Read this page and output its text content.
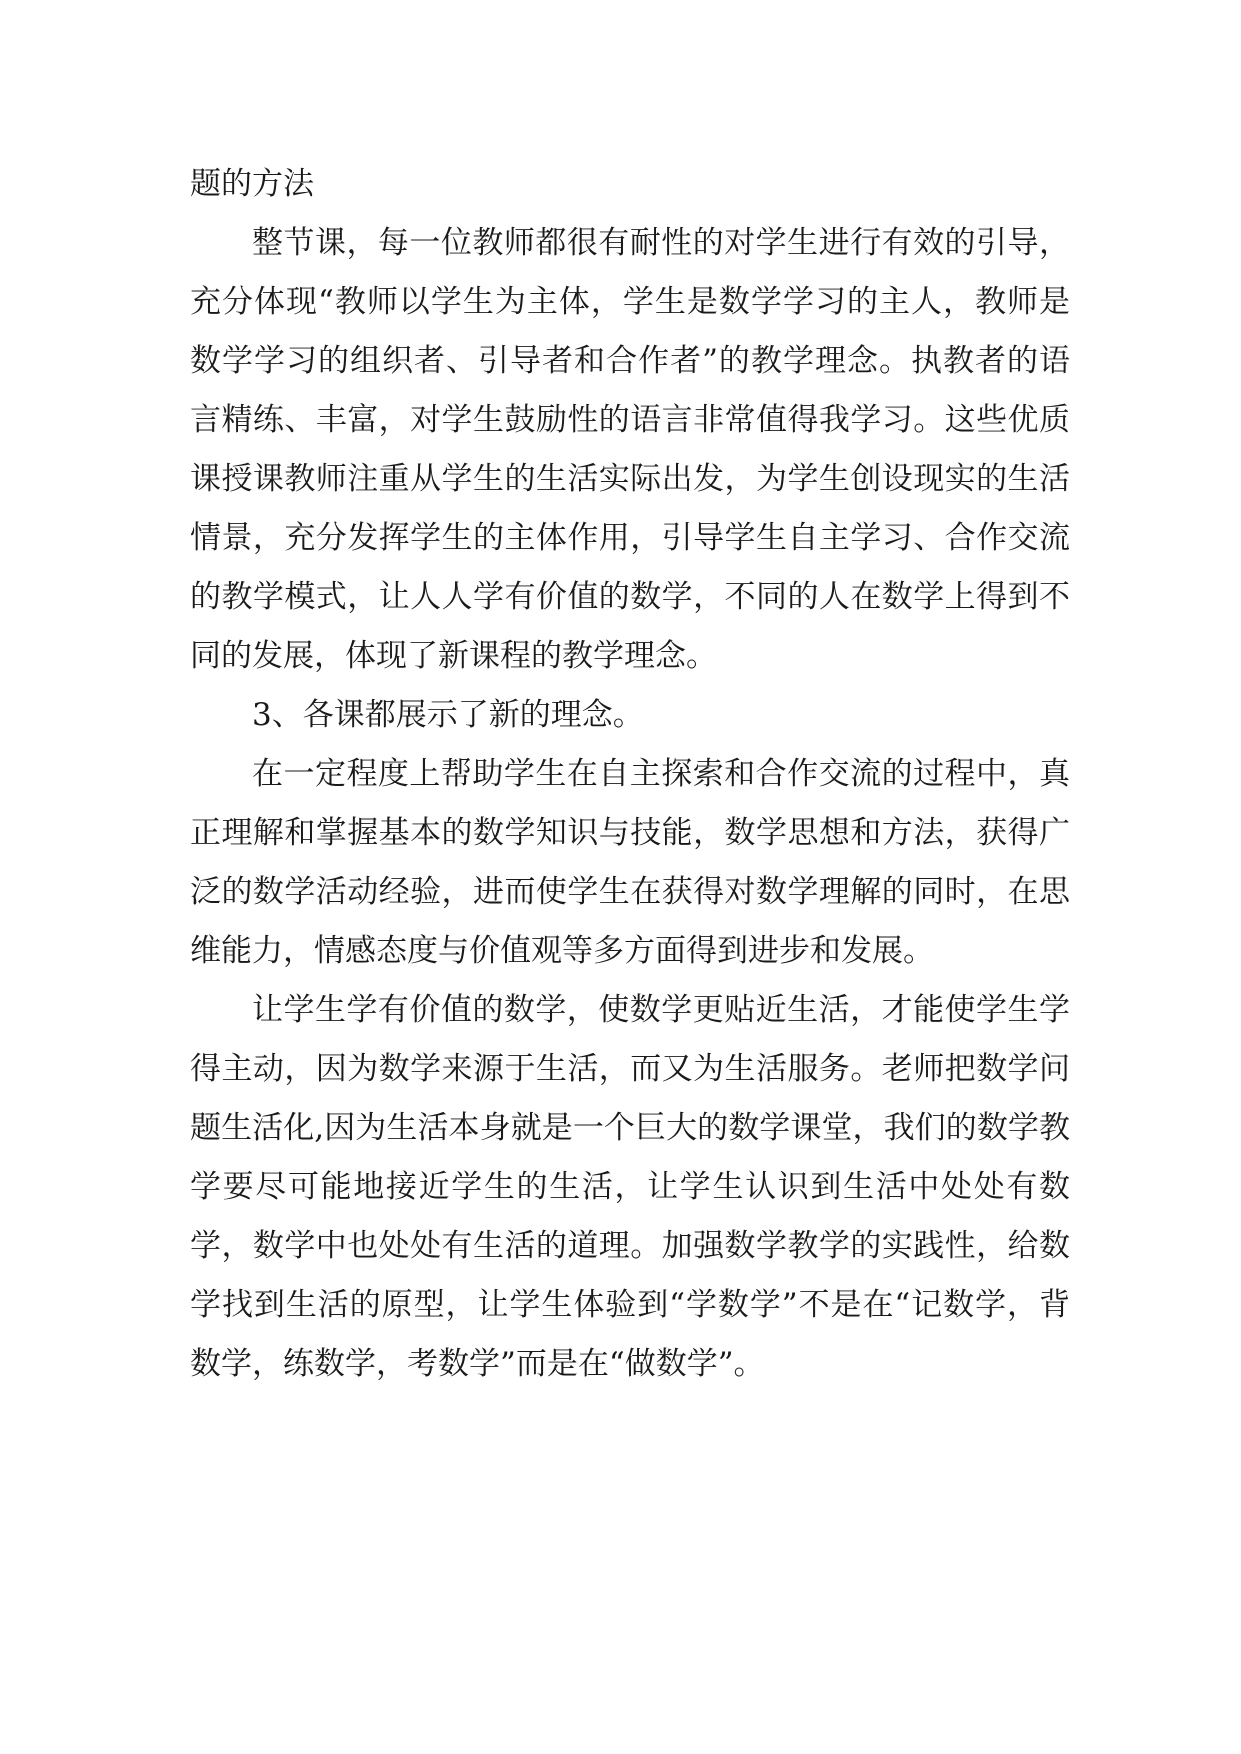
题的方法

整节课，每一位教师都很有耐性的对学生进行有效的引导，充分体现“教师以学生为主体，学生是数学学习的主人，教师是数学学习的组织者、引导者和合作者”的教学理念。执教者的语言精练、丰富，对学生鼓励性的语言非常值得我学习。这些优质课授课教师注重从学生的生活实际出发，为学生创设现实的生活情景，充分发挥学生的主体作用，引导学生自主学习、合作交流的教学模式，让人人学有价值的数学，不同的人在数学上得到不同的发展，体现了新课程的教学理念。

3、各课都展示了新的理念。

在一定程度上帮助学生在自主探索和合作交流的过程中，真正理解和掌握基本的数学知识与技能，数学思想和方法，获得广泛的数学活动经验，进而使学生在获得对数学理解的同时，在思维能力，情感态度与价值观等多方面得到进步和发展。

让学生学有价值的数学，使数学更贴近生活，才能使学生学得主动，因为数学来源于生活，而又为生活服务。老师把数学问题生活化,因为生活本身就是一个巨大的数学课堂，我们的数学教学要尽可能地接近学生的生活，让学生认识到生活中处处有数学，数学中也处处有生活的道理。加强数学教学的实践性，给数学找到生活的原型，让学生体验到“学数学”不是在“记数学，背数学，练数学，考数学”而是在“做数学”。
